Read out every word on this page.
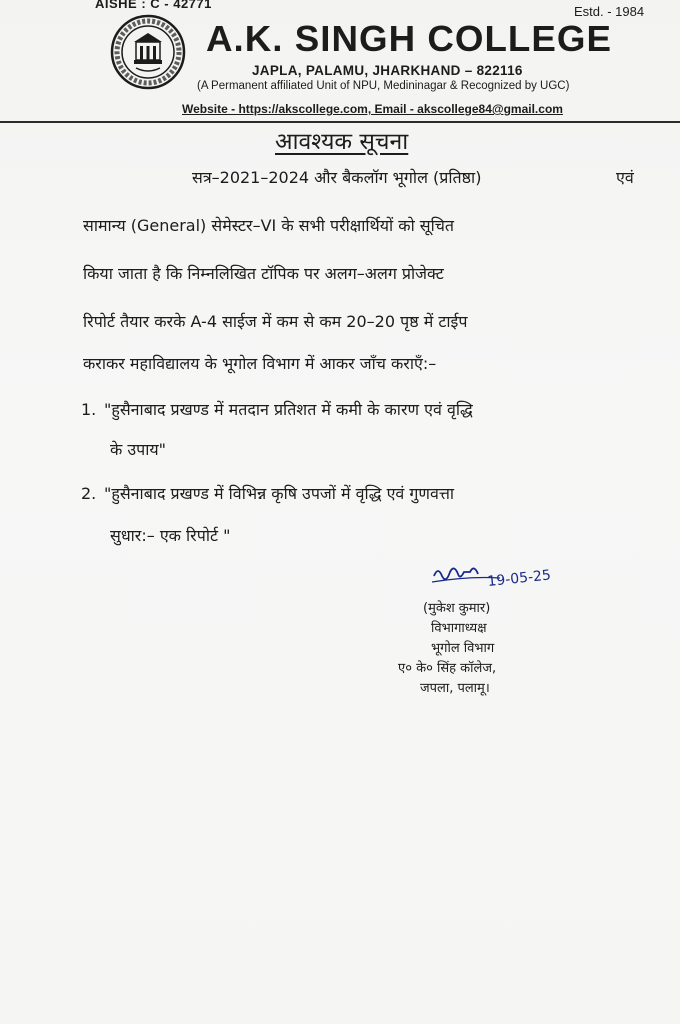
AISHE : C - 42771
Estd. - 1984
A.K. SINGH COLLEGE
JAPLA, PALAMU, JHARKHAND – 822116
(A Permanent affiliated Unit of NPU, Medininagar & Recognized by UGC)
Website - https://akscollege.com, Email - akscollege84@gmail.com
आवश्यक सूचना
सत्र–2021–2024 और बैकलॉग भूगोल (प्रतिष्ठा)	एवं
सामान्य (General) सेमेस्टर–VI के सभी परीक्षार्थियों को सूचित
किया जाता है कि निम्नलिखित टॉपिक पर अलग–अलग प्रोजेक्ट
रिपोर्ट तैयार करके A-4 साईज में कम से कम 20–20 पृष्ठ में टाईप
कराकर महाविद्यालय के भूगोल विभाग में आकर जाँच कराएँ:–
1. "हुसैनाबाद प्रखण्ड में मतदान प्रतिशत में कमी के कारण एवं वृद्धि
के उपाय"
2. "हुसैनाबाद प्रखण्ड में विभिन्न कृषि उपजों में वृद्धि एवं गुणवत्ता
सुधार:– एक रिपोर्ट "
19-05-25
(मुकेश कुमार)
विभागाध्यक्ष
भूगोल विभाग
ए० के० सिंह कॉलेज,
जपला, पलामू।
